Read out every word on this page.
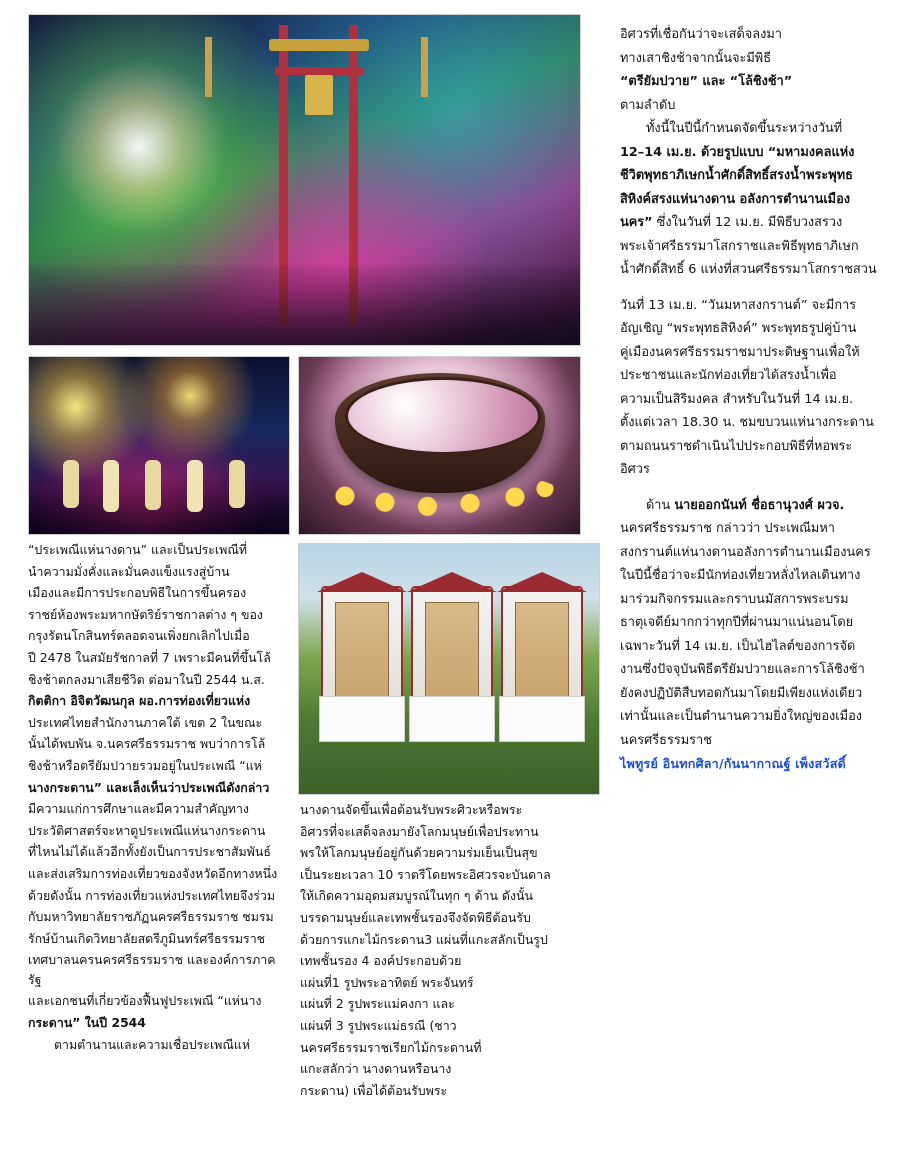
“ประเพณีแห่นางดาน” และเป็นประเพณีที่

นำความมั่งคั่งและมั่นคงแข็งแรงสู่บ้าน

เมืองและมีการประกอบพิธีในการขึ้นครอง

ราชย์ห้องพระมหากษัตริย์ราชกาลต่าง ๆ ของ

กรุงรัตนโกสินทร์ตลอดจนเพิ่งยกเลิกไปเมื่อ

ปี 2478 ในสมัยรัชกาลที่ 7 เพราะมีคนที่ขึ้นโล้

ชิงช้าตกลงมาเสียชีวิต ต่อมาในปี 2544 น.ส.

กิตติกา อิจิตวัฒนกุล ผอ.การท่องเที่ยวแห่ง

ประเทศไทยสำนักงานภาคใต้ เขต 2 ในขณะ

นั้นได้พบพัน จ.นครศรีธรรมราช พบว่าการโล้

ชิงช้าหรือตรียัมปวายรวมอยู่ในประเพณี “แห่

นางกระดาน” และเล็งเห็นว่าประเพณีดังกล่าว

มีความแก่การศึกษาและมีความสำคัญทาง

ประวัติศาสตร์จะหาดูประเพณีแห่นางกระดาน

ที่ไหนไม่ได้แล้วอีกทั้งยังเป็นการประชาสัมพันธ์

และส่งเสริมการท่องเที่ยวของจังหวัดอีกทางหนึ่ง

ด้วยดังนั้น การท่องเที่ยวแห่งประเทศไทยจึงร่วม

กับมหาวิทยาลัยราชภัฏนครศรีธรรมราช ชมรม

รักษ์บ้านเกิดวิทยาลัยสตรีภูมินทร์ศรีธรรมราช

เทศบาลนครนครศรีธรรมราช และองค์การภาครัฐ

และเอกชนที่เกี่ยวข้องฟื้นฟูประเพณี “แห่นาง

กระดาน” ในปี 2544

ตามตำนานและความเชื่อประเพณีแห่

นางดานจัดขึ้นเพื่อต้อนรับพระศิวะหรือพระ

อิศวรที่จะเสด็จลงมายังโลกมนุษย์เพื่อประทาน

พรให้โลกมนุษย์อยู่กันด้วยความร่มเย็นเป็นสุข

เป็นระยะเวลา 10 ราตรีโดยพระอิศวรจะบันดาล

ให้เกิดความอุดมสมบูรณ์ในทุก ๆ ด้าน ดังนั้น

บรรดามนุษย์และเทพชั้นรองจึงจัดพิธีต้อนรับ

ด้วยการแกะไม้กระดาน3 แผ่นที่แกะสลักเป็นรูป

เทพชั้นรอง 4 องค์ประกอบด้วย

แผ่นที่1 รูปพระอาทิตย์ พระจันทร์

แผ่นที่ 2 รูปพระแม่คงกา และ

แผ่นที่ 3 รูปพระแม่ธรณี (ชาว

นครศรีธรรมราชเรียกไม้กระดานที่

แกะสลักว่า นางดานหรือนาง

กระดาน) เพื่อได้ต้อนรับพระ

อิศวรที่เชื่อกันว่าจะเสด็จลงมา

ทางเสาชิงช้าจากนั้นจะมีพิธี

“ตรียัมปวาย” และ “โล้ชิงช้า”

ตามลำดับ

ทั้งนี้ในปีนี้กำหนดจัดขึ้นระหว่างวันที่

12–14 เม.ย. ด้วยรูปแบบ “มหามงคลแห่ง

ชีวิตพุทธาภิเษกน้ำศักดิ์สิทธิ์สรงน้ำพระพุทธ

สิหิงค์สรงแห่นางดาน อลังการตำนานเมือง

นคร” ซึ่งในวันที่ 12 เม.ย. มีพิธีบวงสรวง

พระเจ้าศรีธรรมาโสกราชและพิธีพุทธาภิเษก

น้ำศักดิ์สิทธิ์ 6 แห่งที่สวนศรีธรรมาโสกราชสวน

วันที่ 13 เม.ย. “วันมหาสงกรานต์” จะมีการ

อัญเชิญ “พระพุทธสิหิงค์” พระพุทธรูปคู่บ้าน

คู่เมืองนครศรีธรรมราชมาประดิษฐานเพื่อให้

ประชาชนและนักท่องเที่ยวได้สรงน้ำเพื่อ

ความเป็นสิริมงคล สำหรับในวันที่ 14 เม.ย.

ตั้งแต่เวลา 18.30 น. ชมขบวนแห่นางกระดาน

ตามถนนราชดำเนินไปประกอบพิธีที่หอพระ

อิศวร

ด้าน นายออกนันท์ ชื่อธานุวงศ์ ผวจ.

นครศรีธรรมราช กล่าวว่า ประเพณีมหา

สงกรานต์แห่นางดานอลังการตำนานเมืองนคร

ในปีนี้ชื่อว่าจะมีนักท่องเที่ยวหลั่งไหลเดินทาง

มาร่วมกิจกรรมและกราบนมัสการพระบรม

ธาตุเจดีย์มากกว่าทุกปีที่ผ่านมาแน่นอนโดย

เฉพาะวันที่ 14 เม.ย. เป็นไฮไลต์ของการจัด

งานซึ่งปัจจุบันพิธีตรียัมปวายและการโล้ชิงช้า

ยังคงปฏิบัติสืบทอดกันมาโดยมีเพียงแห่งเดียว

เท่านั้นและเป็นตำนานความยิ่งใหญ่ของเมือง

นครศรีธรรมราช

ไพทูรย์ อินทกศิลา/กันนากาณฐ์ เพ็งสวัสดิ์
